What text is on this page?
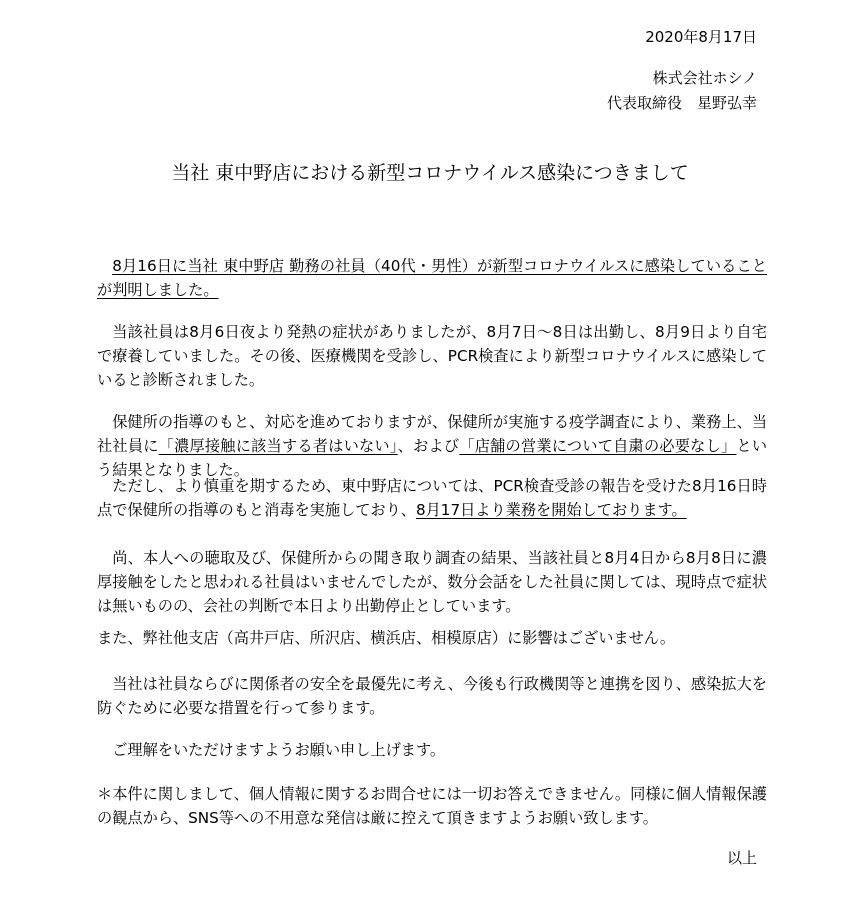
2020年8月17日
株式会社ホシノ
代表取締役　星野弘幸
当社 東中野店における新型コロナウイルス感染につきまして

8月16日に当社 東中野店 勤務の社員（40代・男性）が新型コロナウイルスに感染していることが判明しました。

当該社員は8月6日夜より発熱の症状がありましたが、8月7日～8日は出勤し、8月9日より自宅で療養していました。その後、医療機関を受診し、PCR検査により新型コロナウイルスに感染していると診断されました。

保健所の指導のもと、対応を進めておりますが、保健所が実施する疫学調査により、業務上、当社社員に「濃厚接触に該当する者はいない」、および「店舗の営業について自粛の必要なし」という結果となりました。

ただし、より慎重を期するため、東中野店については、PCR検査受診の報告を受けた8月16日時点で保健所の指導のもと消毒を実施しており、8月17日より業務を開始しております。

尚、本人への聴取及び、保健所からの聞き取り調査の結果、当該社員と8月4日から8月8日に濃厚接触をしたと思われる社員はいませんでしたが、数分会話をした社員に関しては、現時点で症状は無いものの、会社の判断で本日より出勤停止としています。

また、弊社他支店（高井戸店、所沢店、横浜店、相模原店）に影響はございません。

当社は社員ならびに関係者の安全を最優先に考え、今後も行政機関等と連携を図り、感染拡大を防ぐために必要な措置を行って参ります。

ご理解をいただけますようお願い申し上げます。

＊本件に関しまして、個人情報に関するお問合せには一切お答えできません。同様に個人情報保護の観点から、SNS等への不用意な発信は厳に控えて頂きますようお願い致します。

以上
